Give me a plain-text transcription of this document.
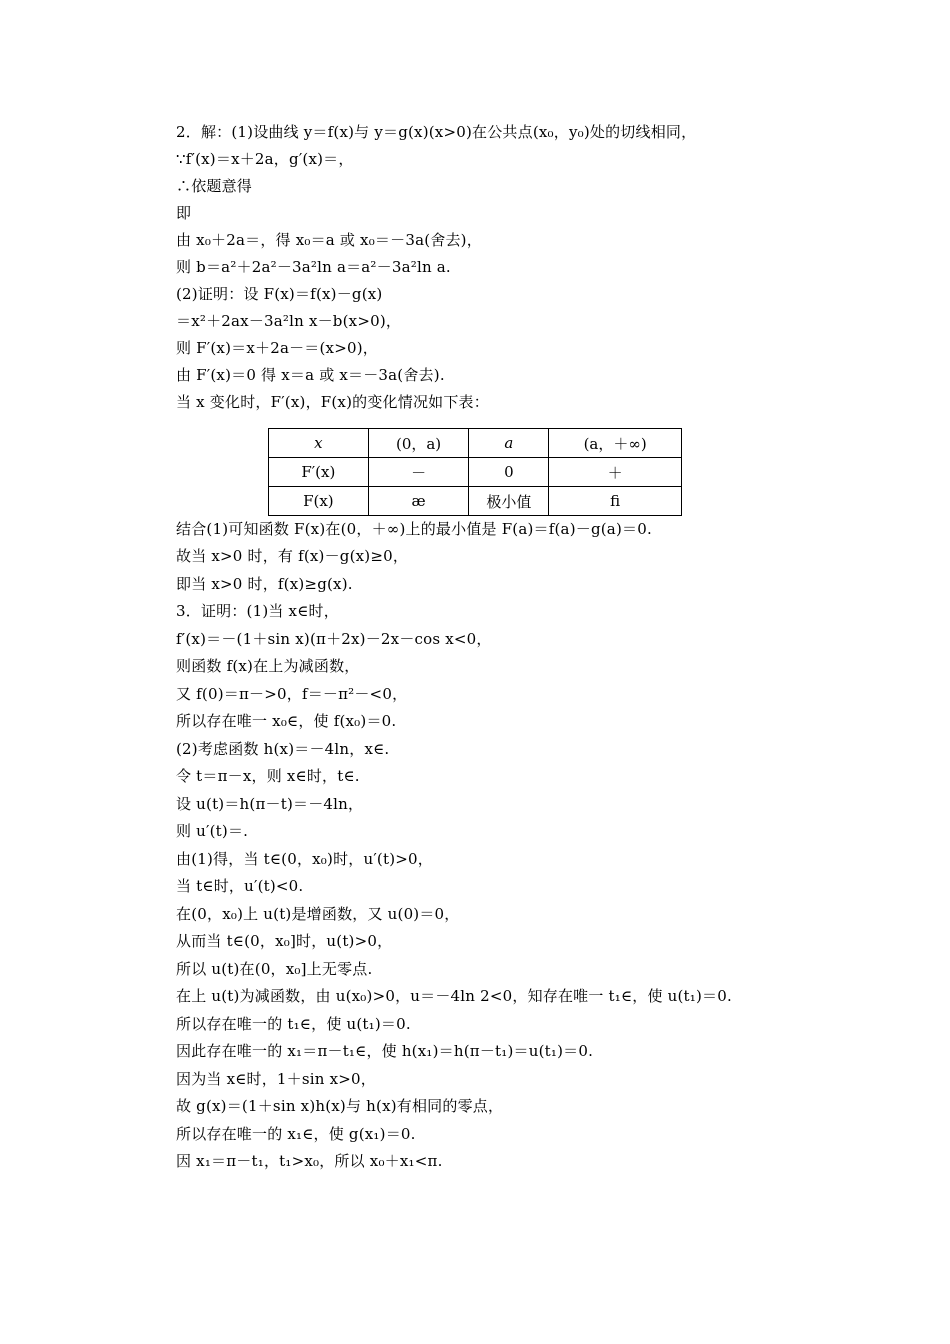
2．解：(1)设曲线 y＝f(x)与 y＝g(x)(x>0)在公共点(x₀，y₀)处的切线相同，
∵f′(x)＝x＋2a，g′(x)＝，
∴依题意得
即
由 x₀＋2a＝，得 x₀＝a 或 x₀＝－3a(舍去)，
则 b＝a²＋2a²－3a²ln a＝a²－3a²ln a.
(2)证明：设 F(x)＝f(x)－g(x)
＝x²＋2ax－3a²ln x－b(x>0)，
则 F′(x)＝x＋2a－＝(x>0)，
由 F′(x)＝0 得 x＝a 或 x＝－3a(舍去).
当 x 变化时，F′(x)，F(x)的变化情况如下表：
x	(0，a)	a	(a，＋∞)
F′(x)	－	0	＋
F(x)	æ	极小值	ﬁ
结合(1)可知函数 F(x)在(0，＋∞)上的最小值是 F(a)＝f(a)－g(a)＝0.
故当 x>0 时，有 f(x)－g(x)≥0，
即当 x>0 时，f(x)≥g(x).
3．证明：(1)当 x∈时，
f′(x)＝－(1＋sin x)(π＋2x)－2x－cos x<0，
则函数 f(x)在上为减函数，
又 f(0)＝π－>0，f＝－π²－<0，
所以存在唯一 x₀∈，使 f(x₀)＝0.
(2)考虑函数 h(x)＝－4ln，x∈.
令 t＝π－x，则 x∈时，t∈.
设 u(t)＝h(π－t)＝－4ln，
则 u′(t)＝.
由(1)得，当 t∈(0，x₀)时，u′(t)>0，
当 t∈时，u′(t)<0.
在(0，x₀)上 u(t)是增函数，又 u(0)＝0，
从而当 t∈(0，x₀]时，u(t)>0，
所以 u(t)在(0，x₀]上无零点.
在上 u(t)为减函数，由 u(x₀)>0，u＝－4ln 2<0，知存在唯一 t₁∈，使 u(t₁)＝0.
所以存在唯一的 t₁∈，使 u(t₁)＝0.
因此存在唯一的 x₁＝π－t₁∈，使 h(x₁)＝h(π－t₁)＝u(t₁)＝0.
因为当 x∈时，1＋sin x>0，
故 g(x)＝(1＋sin x)h(x)与 h(x)有相同的零点，
所以存在唯一的 x₁∈，使 g(x₁)＝0.
因 x₁＝π－t₁，t₁>x₀，所以 x₀＋x₁<π.
